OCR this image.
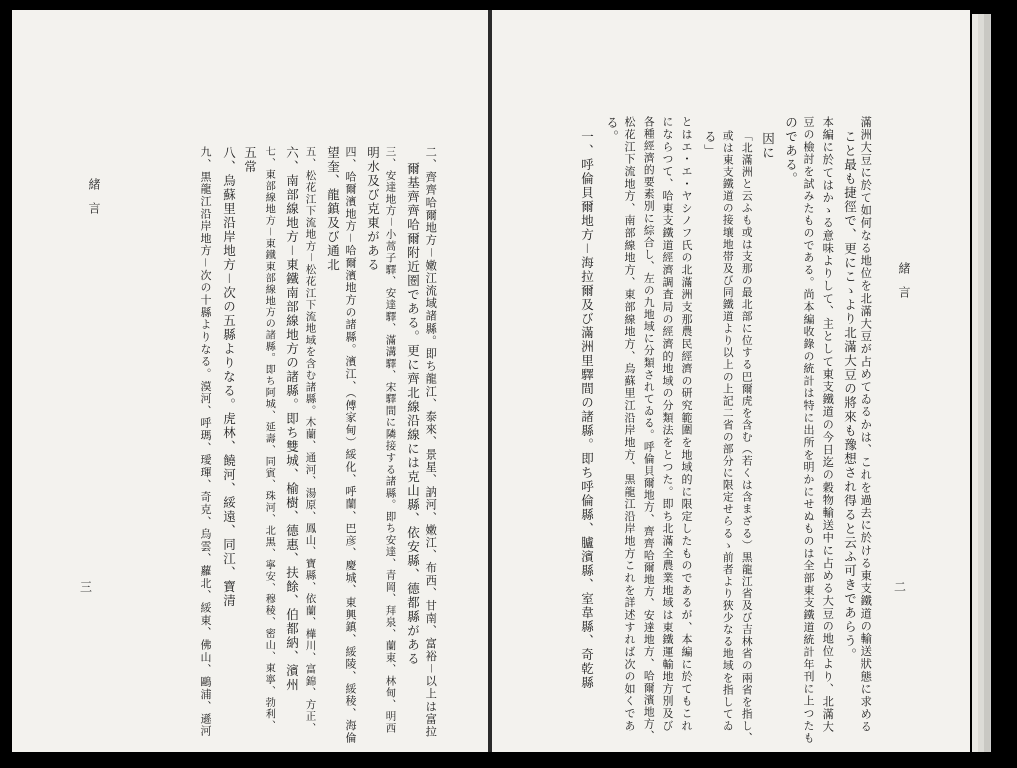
緒　言
二
滿洲大豆に於て如何なる地位を北滿大豆が占めてゐるかは、これを過去に於ける東支鐵道の輸送狀態に求める
こと最も捷徑で、更にこゝより北滿大豆の將來も豫想され得ると云ふ可きであらう。
本編に於てはかゝる意味よりして、主として東支鐵道の今日迄の穀物輸送中に占める大豆の地位より、北滿大
豆の檢討を試みたものである。尚本編收錄の統計は特に出所を明かにせぬものは全部東支鐵道統計年刊に上つたも
のである。
因に
「北滿洲と云ふも或は支那の最北部に位する巴爾虎を含む（若くは含まざる）黒龍江省及び吉林省の兩省を指し、
或は東支鐵道の接壤地帯及び同鐵道より以上の上記二省の部分に限定せらるゝ前者より狹少なる地域を指してゐ
る」
とはエ・エ・ヤシノフ氏の北滿洲支那農民經濟の研究範圍を地域的に限定したものであるが、本編に於てもこれ
にならつて、哈東支鐵道經濟調査局の經濟的地域の分類法をとつた。即ち北滿全農業地域は東鐵運輸地方別及び
各種經濟的要素別に綜合し、左の九地域に分類されてゐる。呼倫貝爾地方、齊齊哈爾地方、安達地方、哈爾濱地方、
松花江下流地方、南部線地方、東部線地方、烏蘇里江沿岸地方、黒龍江沿岸地方これを詳述すれば次の如くであ
る。
一、呼倫貝爾地方－海拉爾及び滿洲里驛間の諸縣。即ち呼倫縣、臚濱縣、室韋縣、奇乾縣
緒　言
三	二、齊齊哈爾地方－嫩江流域諸縣。即ち龍江、泰來、景星、訥河、嫩江、布西、甘南、富裕－以上は富拉
爾基齊齊哈爾附近圏である。更に齊北線沿線には克山縣、依安縣、德都縣がある
三、安達地方－小蒿子驛、安達驛、滿溝驛、宋驛間に隣接する諸縣。即ち安達、青岡、拜泉、蘭東、林甸、明西
明水及び克東がある
四、哈爾濱地方－哈爾濱地方の諸縣。濱江、（傅家甸）綏化、呼蘭、巴彦、慶城、東興鎮、綏陵、綏稜、海倫
望奎、龍鎮及び通北
五、松花江下流地方－松花江下流地域を含む諸縣。木蘭、通河、湯原、鳳山、寶縣、依蘭、樺川、富錦、方正、
六、南部線地方－東鐵南部線地方の諸縣。即ち雙城、榆樹、德惠、扶餘、伯都納、濱州
七、東部線地方－東鐵東部線地方の諸縣。即ち阿城、延壽、同賓、珠河、北黒、寧安、穆稜、密山、東寧、勃利、
五常
八、烏蘇里沿岸地方－次の五縣よりなる。虎林、饒河、綏遠、同江、寶清
九、黒龍江沿岸地方－次の十縣よりなる。漠河、呼瑪、璦琿、奇克、烏雲、蘿北、綏東、佛山、鷗浦、遜河
